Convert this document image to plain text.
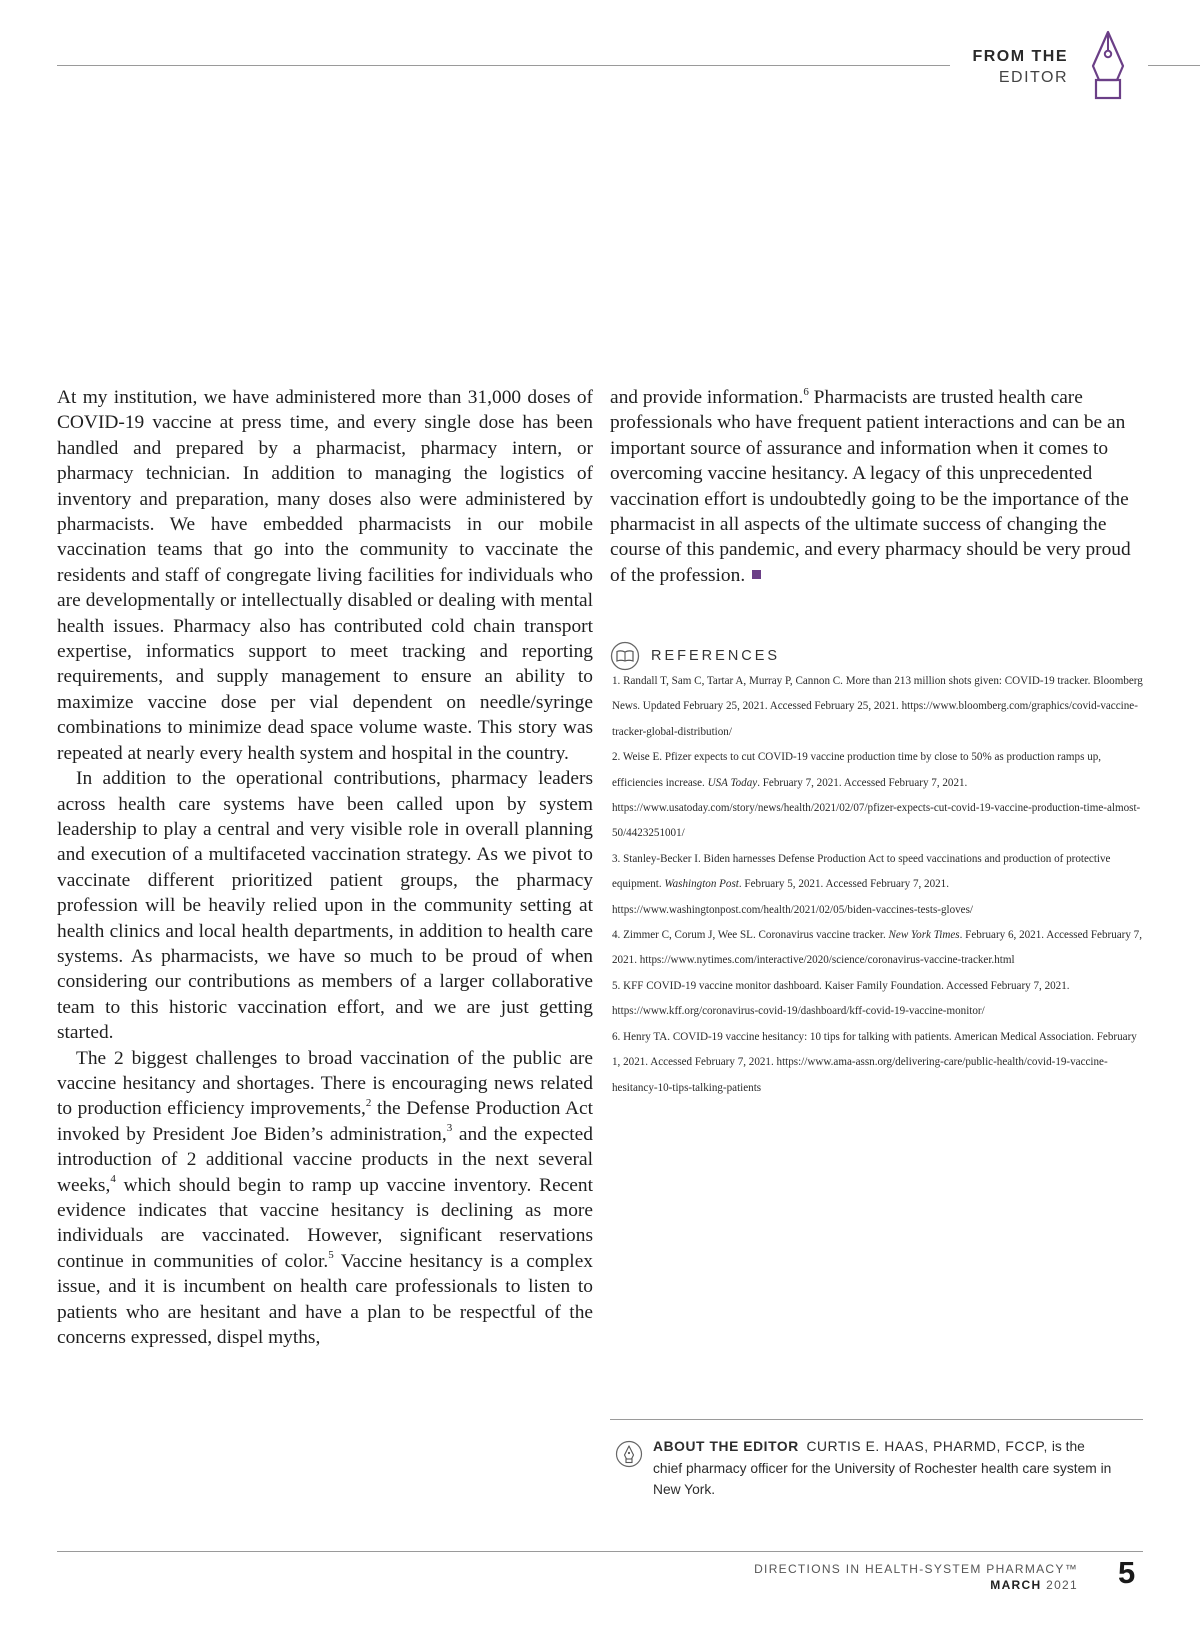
FROM THE
EDITOR

At my institution, we have administered more than 31,000 doses of COVID-19 vaccine at press time, and every single dose has been handled and prepared by a pharmacist, pharmacy intern, or pharmacy technician. In addition to managing the logistics of inventory and preparation, many doses also were administered by pharmacists. We have embedded pharmacists in our mobile vaccination teams that go into the community to vaccinate the residents and staff of congregate living facilities for individuals who are developmentally or intellectually disabled or dealing with mental health issues. Pharmacy also has contributed cold chain transport expertise, informatics support to meet tracking and reporting requirements, and supply management to ensure an ability to maximize vaccine dose per vial dependent on needle/syringe combinations to minimize dead space volume waste. This story was repeated at nearly every health system and hospital in the country.

In addition to the operational contributions, pharmacy leaders across health care systems have been called upon by system leadership to play a central and very visible role in overall planning and execution of a multifaceted vaccination strategy. As we pivot to vaccinate different prioritized patient groups, the pharmacy profession will be heavily relied upon in the community setting at health clinics and local health departments, in addition to health care systems. As pharmacists, we have so much to be proud of when considering our contributions as members of a larger collaborative team to this historic vaccination effort, and we are just getting started.

The 2 biggest challenges to broad vaccination of the public are vaccine hesitancy and shortages. There is encouraging news related to production efficiency improvements,$^2$ the Defense Production Act invoked by President Joe Biden’s administration,$^3$ and the expected introduction of 2 additional vaccine products in the next several weeks,$^4$ which should begin to ramp up vaccine inventory. Recent evidence indicates that vaccine hesitancy is declining as more individuals are vaccinated. However, significant reservations continue in communities of color.$^5$ Vaccine hesitancy is a complex issue, and it is incumbent on health care professionals to listen to patients who are hesitant and have a plan to be respectful of the concerns expressed, dispel myths,

and provide information.$^6$ Pharmacists are trusted health care professionals who have frequent patient interactions and can be an important source of assurance and information when it comes to overcoming vaccine hesitancy. A legacy of this unprecedented vaccination effort is undoubtedly going to be the importance of the pharmacist in all aspects of the ultimate success of changing the course of this pandemic, and every pharmacy should be very proud of the profession.

REFERENCES

1. Randall T, Sam C, Tartar A, Murray P, Cannon C. More than 213 million shots given: COVID-19 tracker. Bloomberg News. Updated February 25, 2021. Accessed February 25, 2021. https://www.bloomberg.com/graphics/covid-vaccine-tracker-global-distribution/

2. Weise E. Pfizer expects to cut COVID-19 vaccine production time by close to 50% as production ramps up, efficiencies increase. USA Today. February 7, 2021. Accessed February 7, 2021. https://www.usatoday.com/story/news/health/2021/02/07/pfizer-expects-cut-covid-19-vaccine-production-time-almost-50/4423251001/

3. Stanley-Becker I. Biden harnesses Defense Production Act to speed vaccinations and production of protective equipment. Washington Post. February 5, 2021. Accessed February 7, 2021. https://www.washingtonpost.com/health/2021/02/05/biden-vaccines-tests-gloves/

4. Zimmer C, Corum J, Wee SL. Coronavirus vaccine tracker. New York Times. February 6, 2021. Accessed February 7, 2021. https://www.nytimes.com/interactive/2020/science/coronavirus-vaccine-tracker.html

5. KFF COVID-19 vaccine monitor dashboard. Kaiser Family Foundation. Accessed February 7, 2021. https://www.kff.org/coronavirus-covid-19/dashboard/kff-covid-19-vaccine-monitor/

6. Henry TA. COVID-19 vaccine hesitancy: 10 tips for talking with patients. American Medical Association. February 1, 2021. Accessed February 7, 2021. https://www.ama-assn.org/delivering-care/public-health/covid-19-vaccine-hesitancy-10-tips-talking-patients

ABOUT THE EDITOR CURTIS E. HAAS, PHARMD, FCCP, is the chief pharmacy officer for the University of Rochester health care system in New York.
DIRECTIONS IN HEALTH-SYSTEM PHARMACY™
MARCH 2021 5
